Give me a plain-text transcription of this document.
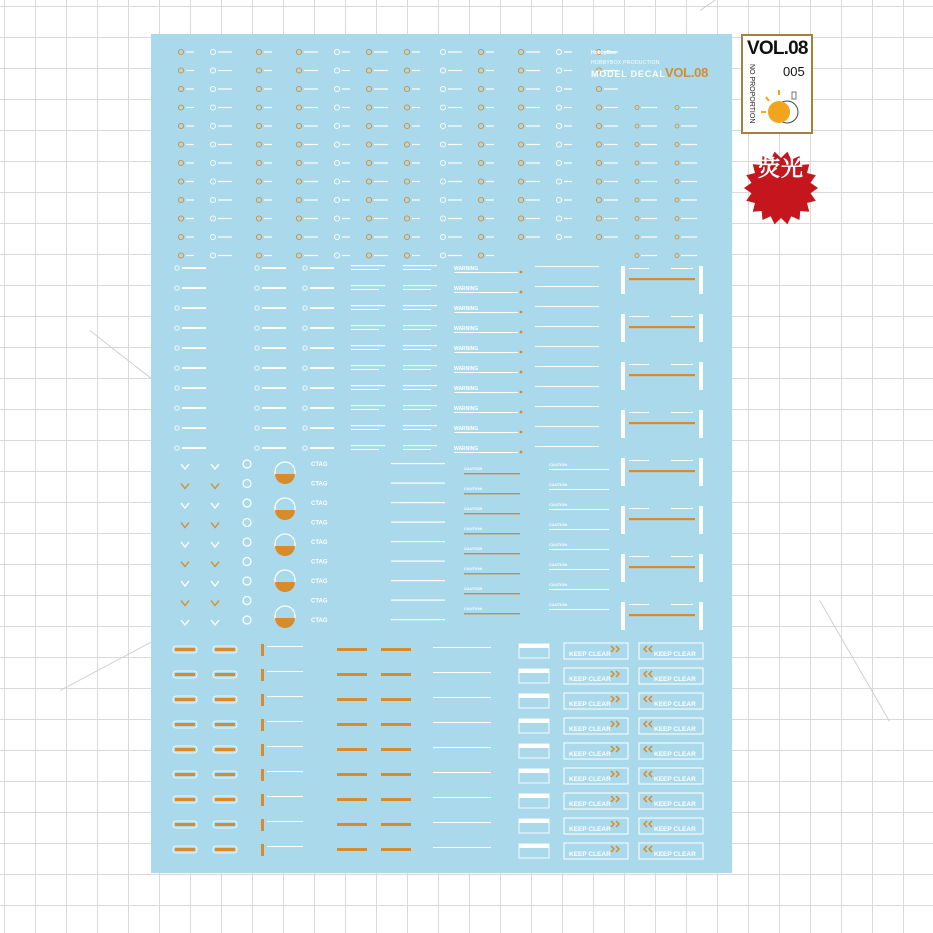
WARNING
WARNING
WARNING
WARNING
WARNING
WARNING
WARNING
WARNING
WARNING
WARNING
CTAG
CTAG
CTAG
CTAG
CTAG
CTAG
CTAG
CTAG
CTAG
CAUTION
CAUTION
CAUTION
CAUTION
CAUTION
CAUTION
CAUTION
CAUTION
CAUTION
CAUTION
CAUTION
CAUTION
CAUTION
CAUTION
CAUTION
CAUTION
KEEP CLEAR	KEEP CLEAR
KEEP CLEAR	KEEP CLEAR
KEEP CLEAR	KEEP CLEAR
KEEP CLEAR	KEEP CLEAR
KEEP CLEAR	KEEP CLEAR
KEEP CLEAR	KEEP CLEAR
KEEP CLEAR	KEEP CLEAR
KEEP CLEAR	KEEP CLEAR
KEEP CLEAR	KEEP CLEAR
HobbyBox
HOBBYBOX PRODUCTION
MODEL DECAL VOL.08
VOL.08
005
NO PROPORTION
荧光
